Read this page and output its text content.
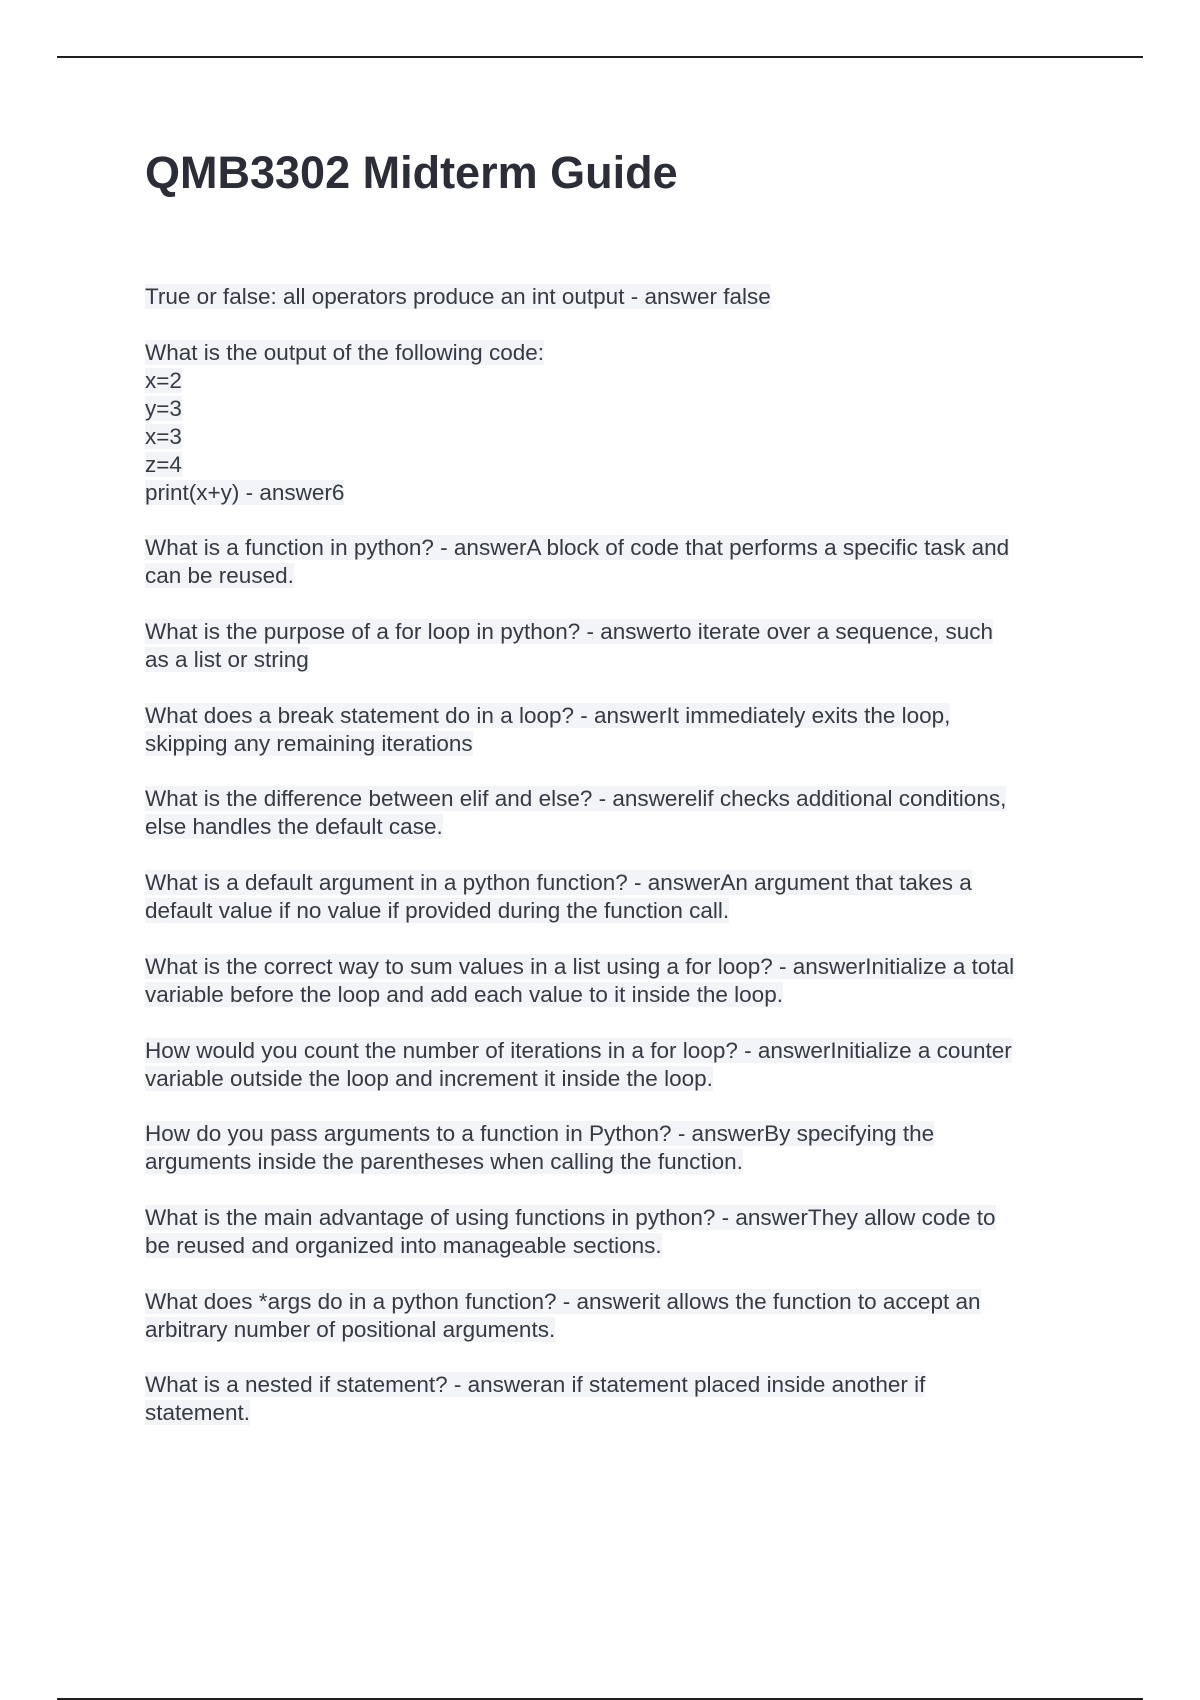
QMB3302 Midterm Guide
True or false: all operators produce an int output - answer false
What is the output of the following code:
x=2
y=3
x=3
z=4
print(x+y) - answer6
What is a function in python? - answerA block of code that performs a specific task and
can be reused.
What is the purpose of a for loop in python? - answerto iterate over a sequence, such
as a list or string
What does a break statement do in a loop? - answerIt immediately exits the loop,
skipping any remaining iterations
What is the difference between elif and else? - answerelif checks additional conditions,
else handles the default case.
What is a default argument in a python function? - answerAn argument that takes a
default value if no value if provided during the function call.
What is the correct way to sum values in a list using a for loop? - answerInitialize a total
variable before the loop and add each value to it inside the loop.
How would you count the number of iterations in a for loop? - answerInitialize a counter
variable outside the loop and increment it inside the loop.
How do you pass arguments to a function in Python? - answerBy specifying the
arguments inside the parentheses when calling the function.
What is the main advantage of using functions in python? - answerThey allow code to
be reused and organized into manageable sections.
What does *args do in a python function? - answerit allows the function to accept an
arbitrary number of positional arguments.
What is a nested if statement? - answeran if statement placed inside another if
statement.
